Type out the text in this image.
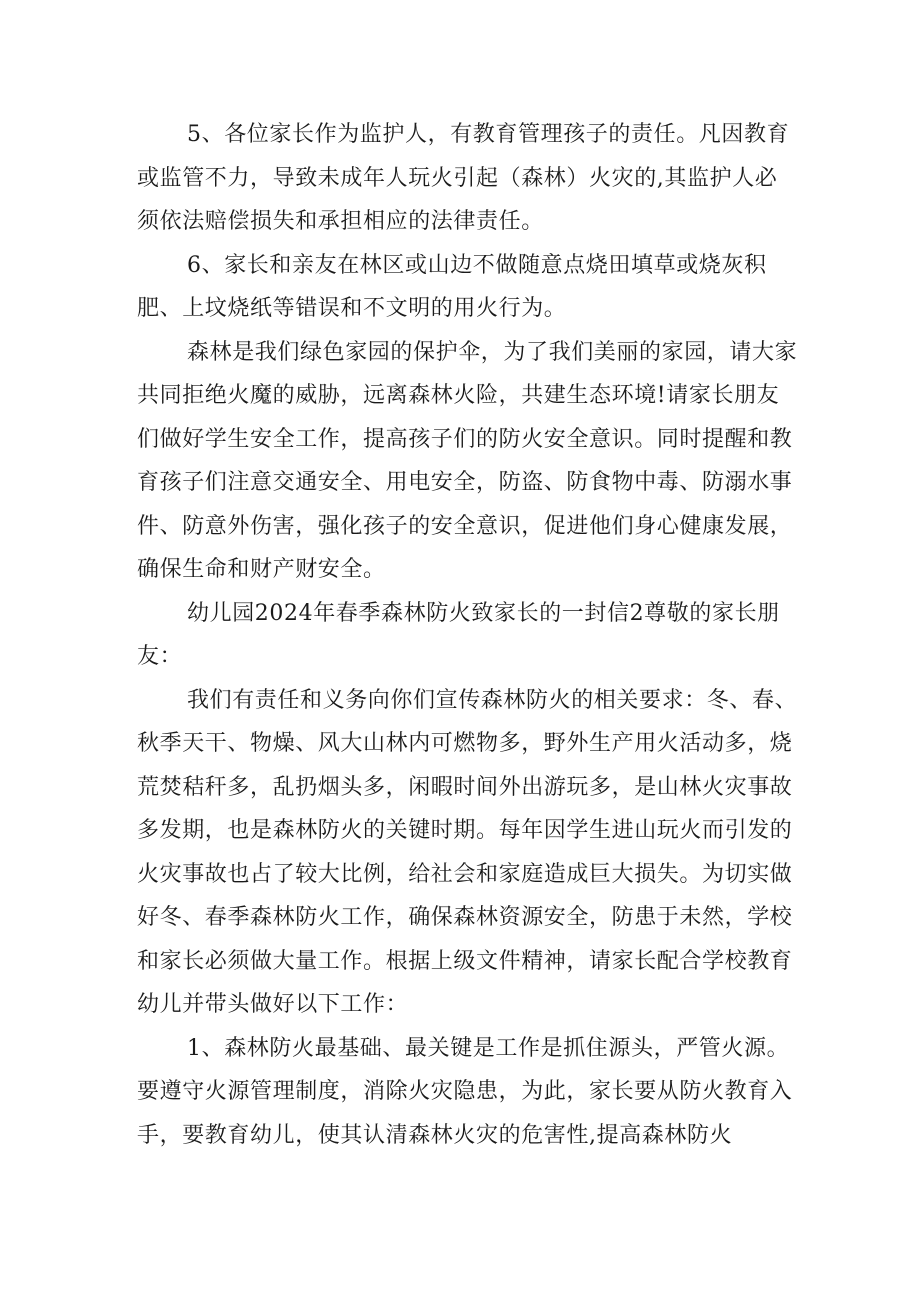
5、各位家长作为监护人，有教育管理孩子的责任。凡因教育或监管不力，导致未成年人玩火引起（森林）火灾的,其监护人必须依法赔偿损失和承担相应的法律责任。

6、家长和亲友在林区或山边不做随意点烧田填草或烧灰积肥、上坟烧纸等错误和不文明的用火行为。

森林是我们绿色家园的保护伞，为了我们美丽的家园，请大家共同拒绝火魔的威胁，远离森林火险，共建生态环境!请家长朋友们做好学生安全工作，提高孩子们的防火安全意识。同时提醒和教育孩子们注意交通安全、用电安全，防盗、防食物中毒、防溺水事件、防意外伤害，强化孩子的安全意识，促进他们身心健康发展，确保生命和财产财安全。

幼儿园2024年春季森林防火致家长的一封信2尊敬的家长朋友：

我们有责任和义务向你们宣传森林防火的相关要求：冬、春、秋季天干、物燥、风大山林内可燃物多，野外生产用火活动多，烧荒焚秸秆多，乱扔烟头多，闲暇时间外出游玩多，是山林火灾事故多发期，也是森林防火的关键时期。每年因学生进山玩火而引发的火灾事故也占了较大比例，给社会和家庭造成巨大损失。为切实做好冬、春季森林防火工作，确保森林资源安全，防患于未然，学校和家长必须做大量工作。根据上级文件精神，请家长配合学校教育幼儿并带头做好以下工作：

1、森林防火最基础、最关键是工作是抓住源头，严管火源。要遵守火源管理制度，消除火灾隐患，为此，家长要从防火教育入手，要教育幼儿，使其认清森林火灾的危害性,提高森林防火
